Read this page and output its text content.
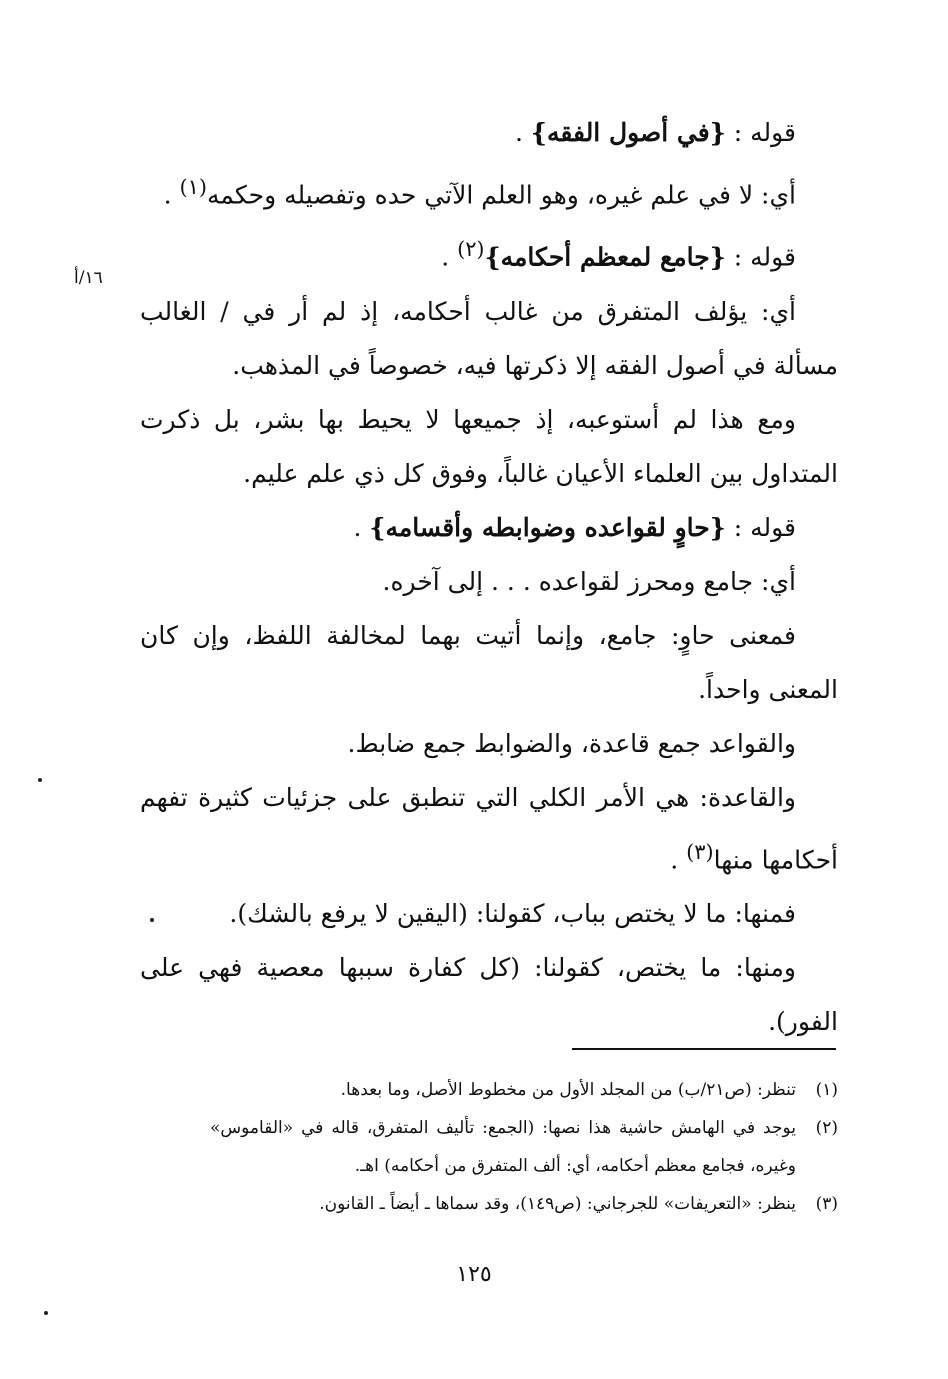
قوله : {في أصول الفقه} .

أي: لا في علم غيره، وهو العلم الآتي حده وتفصيله وحكمه$^{(١)}$ .

قوله : {جامع لمعظم أحكامه}$^{(٢)}$ .

أي: يؤلف المتفرق من غالب أحكامه، إذ لم أر في / الغالب مسألة في أصول الفقه إلا ذكرتها فيه، خصوصاً في المذهب.

ومع هذا لم أستوعبه، إذ جميعها لا يحيط بها بشر، بل ذكرت المتداول بين العلماء الأعيان غالباً، وفوق كل ذي علم عليم.

قوله : {حاوٍ لقواعده وضوابطه وأقسامه} .

أي: جامع ومحرز لقواعده . . . إلى آخره.

فمعنى حاوٍ: جامع، وإنما أتيت بهما لمخالفة اللفظ، وإن كان المعنى واحداً.

والقواعد جمع قاعدة، والضوابط جمع ضابط.

والقاعدة: هي الأمر الكلي التي تنطبق على جزئيات كثيرة تفهم أحكامها منها$^{(٣)}$ .

فمنها: ما لا يختص بباب، كقولنا: (اليقين لا يرفع بالشك).

ومنها: ما يختص، كقولنا: (كل كفارة سببها معصية فهي على الفور).

١٦/أ
(١)
تنظر: (ص٢١/ب) من المجلد الأول من مخطوط الأصل، وما بعدها.
(٢)
يوجد في الهامش حاشية هذا نصها: (الجمع: تأليف المتفرق، قاله في «القاموس» وغيره، فجامع معظم أحكامه، أي: ألف المتفرق من أحكامه) اهـ.
(٣)
ينظر: «التعريفات» للجرجاني: (ص١٤٩)، وقد سماها ـ أيضاً ـ القانون.
١٢٥
